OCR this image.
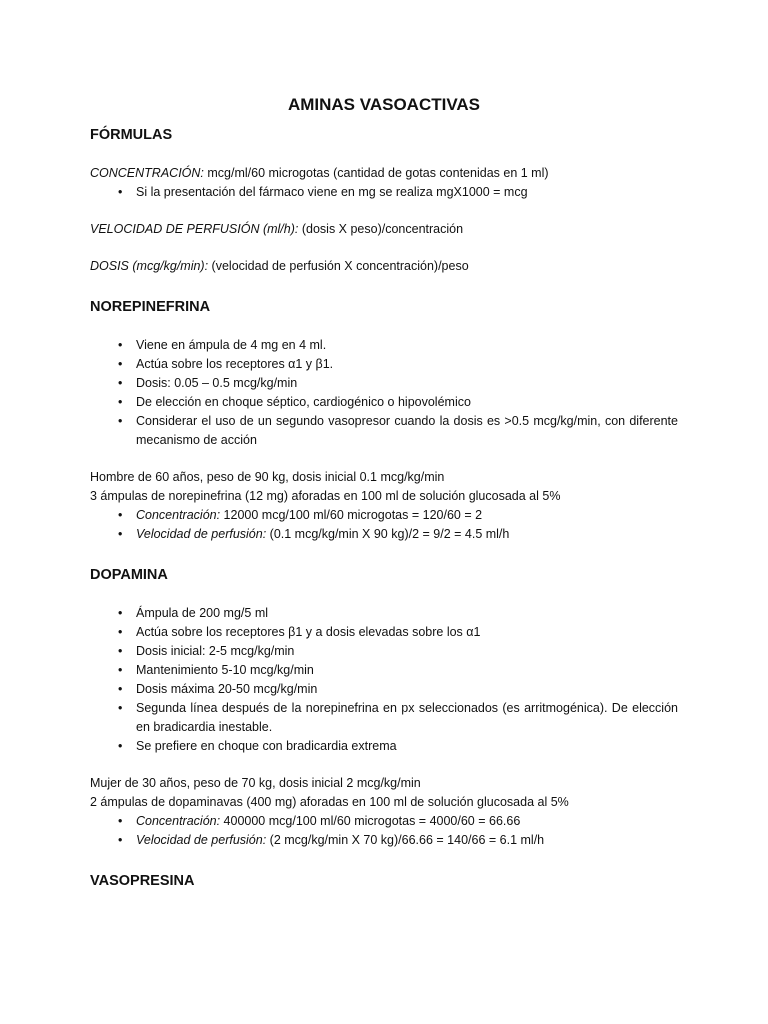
AMINAS VASOACTIVAS
FÓRMULAS

CONCENTRACIÓN: mcg/ml/60 microgotas (cantidad de gotas contenidas en 1 ml)

• Si la presentación del fármaco viene en mg se realiza mgX1000 = mcg

VELOCIDAD DE PERFUSIÓN (ml/h): (dosis X peso)/concentración

DOSIS (mcg/kg/min): (velocidad de perfusión X concentración)/peso

NOREPINEFRINA
• Viene en ámpula de 4 mg en 4 ml.
• Actúa sobre los receptores α1 y β1.
• Dosis: 0.05 – 0.5 mcg/kg/min
• De elección en choque séptico, cardiogénico o hipovolémico
• Considerar el uso de un segundo vasopresor cuando la dosis es >0.5 mcg/kg/min, con diferente mecanismo de acción

Hombre de 60 años, peso de 90 kg, dosis inicial 0.1 mcg/kg/min

3 ámpulas de norepinefrina (12 mg) aforadas en 100 ml de solución glucosada al 5%

• Concentración: 12000 mcg/100 ml/60 microgotas = 120/60 = 2
• Velocidad de perfusión: (0.1 mcg/kg/min X 90 kg)/2 = 9/2 = 4.5 ml/h
DOPAMINA
• Ámpula de 200 mg/5 ml
• Actúa sobre los receptores β1 y a dosis elevadas sobre los α1
• Dosis inicial: 2-5 mcg/kg/min
• Mantenimiento 5-10 mcg/kg/min
• Dosis máxima 20-50 mcg/kg/min
• Segunda línea después de la norepinefrina en px seleccionados (es arritmogénica). De elección en bradicardia inestable.
• Se prefiere en choque con bradicardia extrema

Mujer de 30 años, peso de 70 kg, dosis inicial 2 mcg/kg/min

2 ámpulas de dopaminavas (400 mg) aforadas en 100 ml de solución glucosada al 5%

• Concentración: 400000 mcg/100 ml/60 microgotas = 4000/60 = 66.66
• Velocidad de perfusión: (2 mcg/kg/min X 70 kg)/66.66 = 140/66 = 6.1 ml/h
VASOPRESINA
